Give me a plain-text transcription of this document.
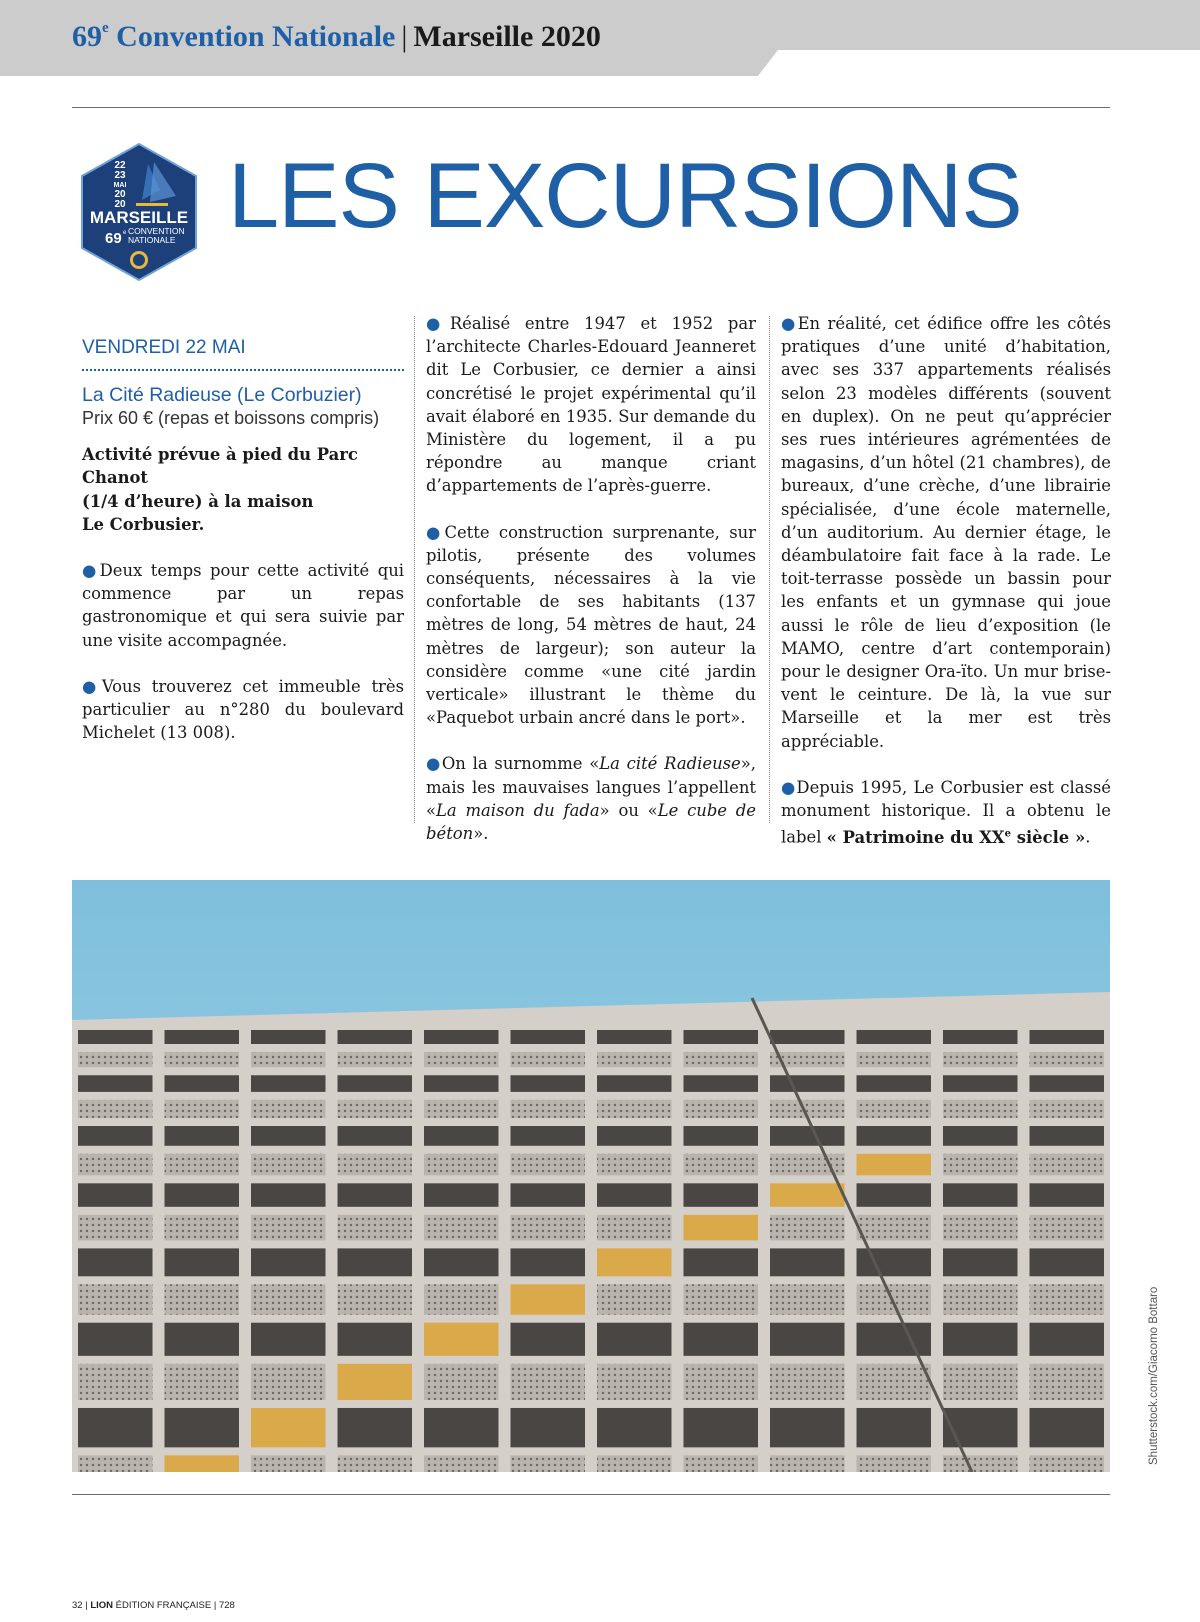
69e Convention Nationale | Marseille 2020
22
23
MAI
20
20
MARSEILLE
69 e CONVENTION
NATIONALE LES EXCURSIONS
VENDREDI 22 MAI
La Cité Radieuse (Le Corbuzier)
Prix 60 € (repas et boissons compris)
Activité prévue à pied du Parc Chanot
(1/4 d’heure) à la maison
Le Corbusier.

●Deux temps pour cette activité qui commence par un repas gastronomique et qui sera suivie par une visite accompagnée.

●Vous trouverez cet immeuble très particulier au n°280 du boulevard Michelet (13 008).

●Réalisé entre 1947 et 1952 par l’architecte Charles-Edouard Jeanneret dit Le Corbusier, ce dernier a ainsi concrétisé le projet expérimental qu’il avait élaboré en 1935. Sur demande du Ministère du logement, il a pu répondre au manque criant d’appartements de l’après-guerre.

●Cette construction surprenante, sur pilotis, présente des volumes conséquents, nécessaires à la vie confortable de ses habitants (137 mètres de long, 54 mètres de haut, 24 mètres de largeur); son auteur la considère comme «une cité jardin verticale» illustrant le thème du «Paquebot urbain ancré dans le port».

●On la surnomme «La cité Radieuse», mais les mauvaises langues l’appellent «La maison du fada» ou «Le cube de béton».

●En réalité, cet édifice offre les côtés pratiques d’une unité d’habitation, avec ses 337 appartements réalisés selon 23 modèles différents (souvent en duplex). On ne peut qu’apprécier ses rues intérieures agrémentées de magasins, d’un hôtel (21 chambres), de bureaux, d’une crèche, d’une librairie spécialisée, d’une école maternelle, d’un auditorium. Au dernier étage, le déambulatoire fait face à la rade. Le toit-terrasse possède un bassin pour les enfants et un gymnase qui joue aussi le rôle de lieu d’exposition (le MAMO, centre d’art contemporain) pour le designer Ora-ïto. Un mur brise-vent le ceinture. De là, la vue sur Marseille et la mer est très appréciable.

●Depuis 1995, Le Corbusier est classé monument historique. Il a obtenu le label « Patrimoine du XXe siècle ».

Shutterstock.com/Giacomo Bottaro
32 | LION ÉDITION FRANÇAISE | 728
